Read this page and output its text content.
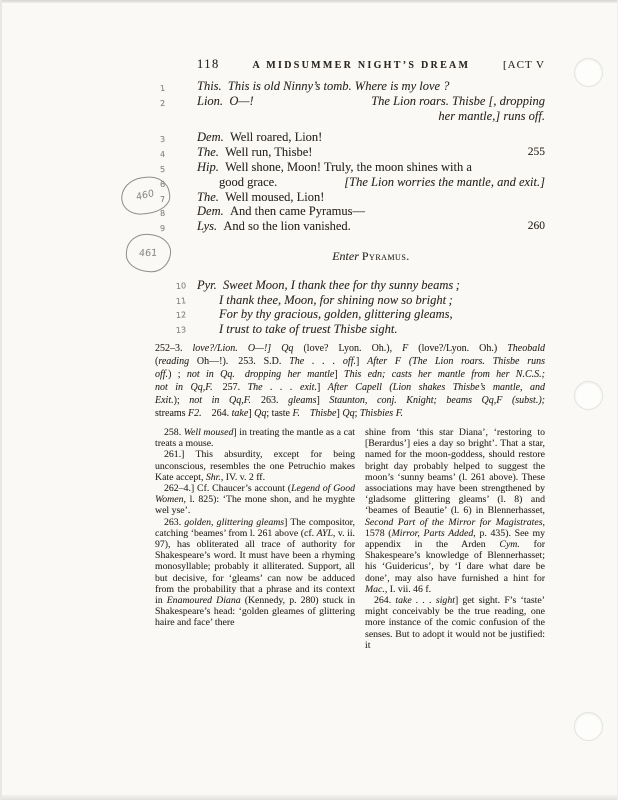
118	A MIDSUMMER NIGHT’S DREAM	[ACT V
460
461
1	This. This is old Ninny’s tomb. Where is my love ?
2	Lion. O—!	The Lion roars. Thisbe [, dropping
her mantle,] runs off.
3	Dem. Well roared, Lion!
4	The. Well run, Thisbe!	255
5	Hip. Well shone, Moon! Truly, the moon shines with a
6	good grace.	[The Lion worries the mantle, and exit.]
7	The. Well moused, Lion!
8	Dem. And then came Pyramus—
9	Lys. And so the lion vanished.	260
Enter Pyramus.
10 Pyr. Sweet Moon, I thank thee for thy sunny beams ;
11	I thank thee, Moon, for shining now so bright ;
12	For by thy gracious, golden, glittering gleams,
13	I trust to take of truest Thisbe sight.
252–3. love?/Lion. O—!] Qq (love? Lyon. Oh.), F (love?/Lyon. Oh.) Theobald
(reading Oh—!). 253. S.D. The . . . off.] After F (The Lion roars. Thisbe runs
off.) ; not in Qq.  dropping her mantle] This edn; casts her mantle from her N.C.S.;
not in Qq,F. 257. The . . . exit.] After Capell (Lion shakes Thisbe’s mantle, and
Exit.); not in Qq,F. 263. gleams] Staunton, conj. Knight; beams Qq,F (subst.);
streams F2. 264. take] Qq; taste F.  Thisbe] Qq; Thisbies F.
258. Well moused] in treating the mantle as a cat treats a mouse.
261.] This absurdity, except for being unconscious, resembles the one Petruchio makes Kate accept, Shr., IV. v. 2 ff.
262–4.] Cf. Chaucer’s account (Legend of Good Women, l. 825): ‘The mone shon, and he myghte wel yse’.
263. golden, glittering gleams] The compositor, catching ‘beames’ from l. 261 above (cf. AYL, v. ii. 97), has obliterated all trace of authority for Shakespeare’s word. It must have been a rhyming monosyllable; probably it alliterated. Support, all but decisive, for ‘gleams’ can now be adduced from the probability that a phrase and its context in Enamoured Diana (Kennedy, p. 280) stuck in Shakespeare’s head: ‘golden gleames of glittering haire and face’ there
shine from ‘this star Diana’, ‘restoring to [Berardus’] eies a day so bright’. That a star, named for the moon-goddess, should restore bright day probably helped to suggest the moon’s ‘sunny beams’ (l. 261 above). These associations may have been strengthened by ‘gladsome glittering gleams’ (l. 8) and ‘beames of Beautie’ (l. 6) in Blennerhasset, Second Part of the Mirror for Magistrates, 1578 (Mirror, Parts Added, p. 435). See my appendix in the Arden Cym. for Shakespeare’s knowledge of Blennerhasset; his ‘Guidericus’, by ‘I dare what dare be done’, may also have furnished a hint for Mac., I. vii. 46 f.
264. take . . . sight] get sight. F’s ‘taste’ might conceivably be the true reading, one more instance of the comic confusion of the senses. But to adopt it would not be justified: it
